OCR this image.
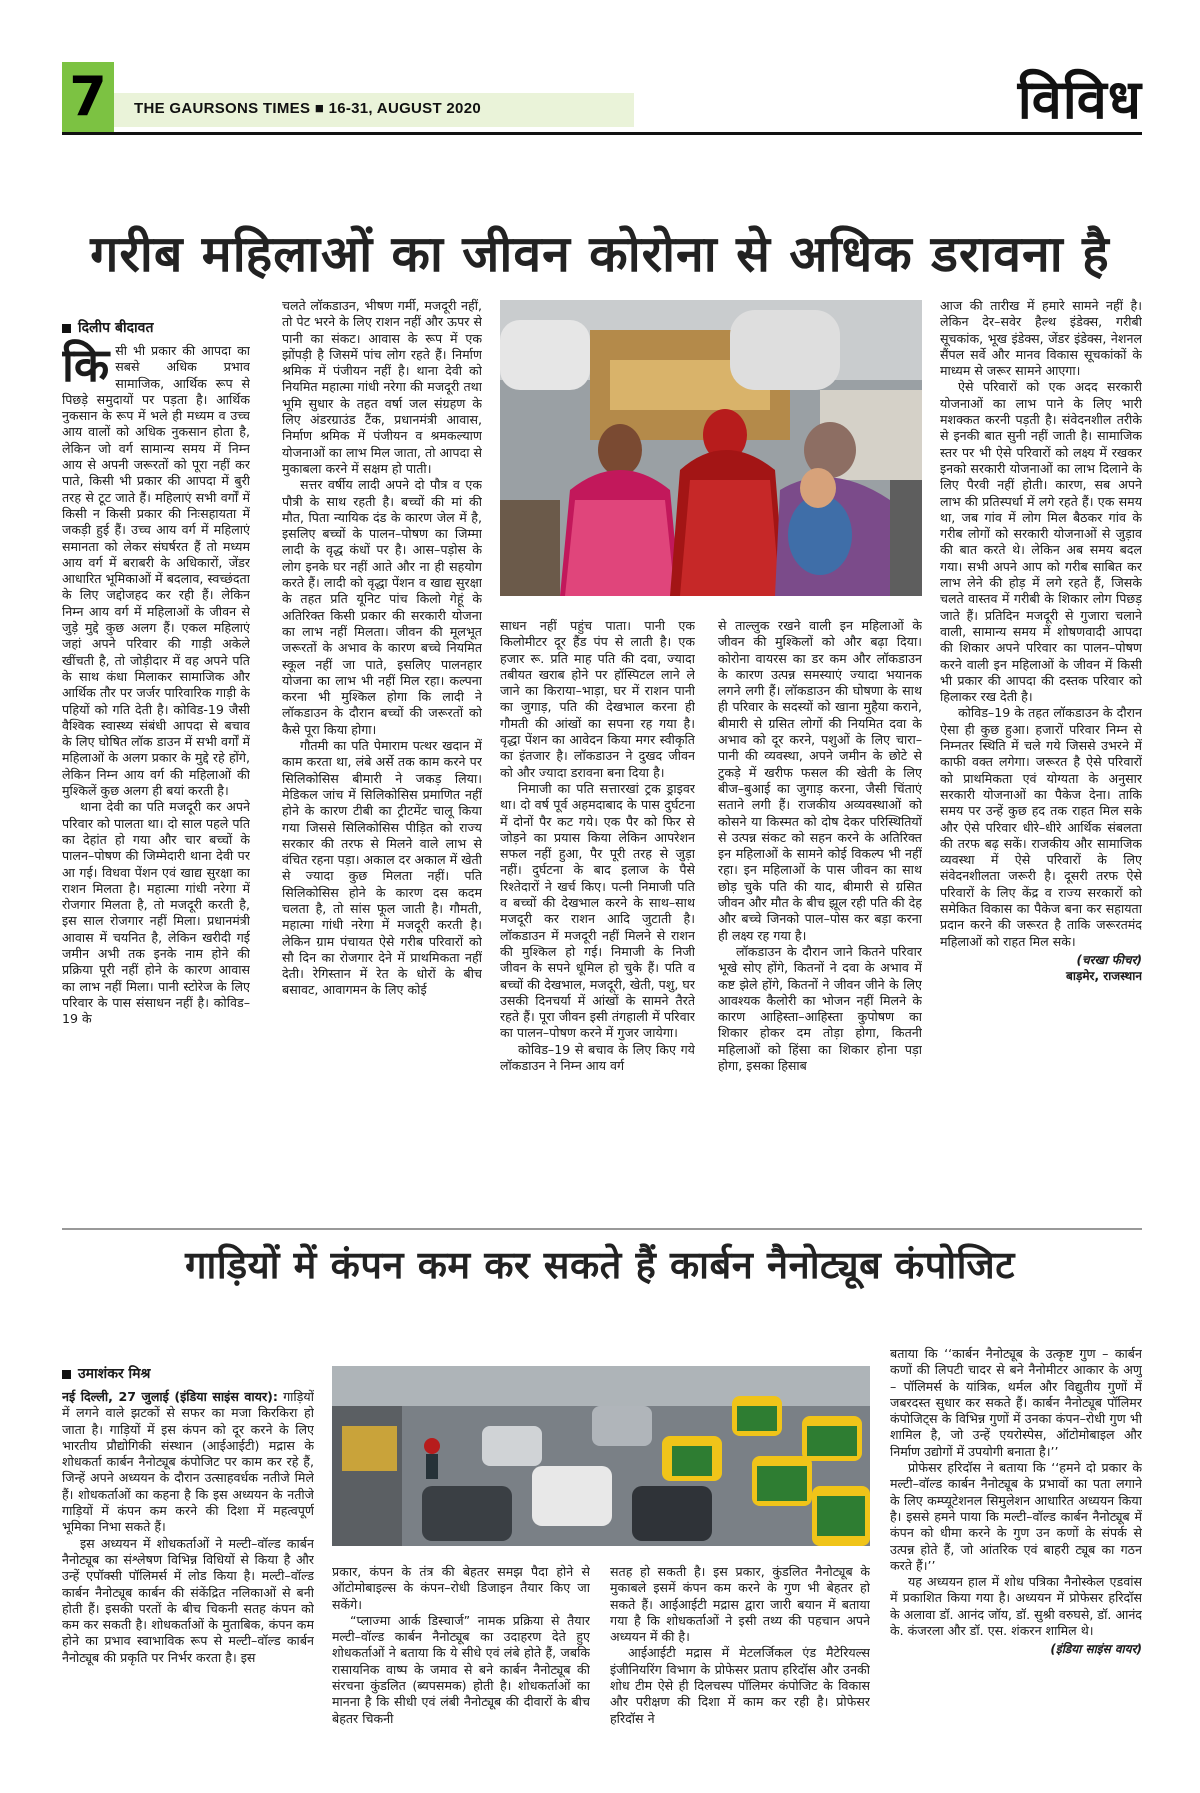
7	THE GAURSONS TIMES ■ 16-31, AUGUST 2020	विविध
गरीब महिलाओं का जीवन कोरोना से अधिक डरावना है
दिलीप बीदावत
कि सी भी प्रकार की आपदा का सबसे अधिक प्रभाव सामाजिक, आर्थिक रूप से पिछड़े समुदायों पर पड़ता है। आर्थिक नुकसान के रूप में भले ही मध्यम व उच्च आय वालों को अधिक नुकसान होता है, लेकिन जो वर्ग सामान्य समय में निम्न आय से अपनी जरूरतों को पूरा नहीं कर पाते, किसी भी प्रकार की आपदा में बुरी तरह से टूट जाते हैं। महिलाएं सभी वर्गों में किसी न किसी प्रकार की निःसहायता में जकड़ी हुई हैं। उच्च आय वर्ग में महिलाएं समानता को लेकर संघर्षरत हैं तो मध्यम आय वर्ग में बराबरी के अधिकारों, जेंडर आधारित भूमिकाओं में बदलाव, स्वच्छंदता के लिए जद्दोजहद कर रही हैं। लेकिन निम्न आय वर्ग में महिलाओं के जीवन से जुड़े मुद्दे कुछ अलग हैं। एकल महिलाएं जहां अपने परिवार की गाड़ी अकेले खींचती है, तो जोड़ीदार में वह अपने पति के साथ कंधा मिलाकर सामाजिक और आर्थिक तौर पर जर्जर पारिवारिक गाड़ी के पहियों को गति देती है। कोविड-19 जैसी वैश्विक स्वास्थ्य संबंधी आपदा से बचाव के लिए घोषित लॉक डाउन में सभी वर्गों में महिलाओं के अलग प्रकार के मुद्दे रहे होंगे, लेकिन निम्न आय वर्ग की महिलाओं की मुश्किलें कुछ अलग ही बयां करती है।

थाना देवी का पति मजदूरी कर अपने परिवार को पालता था। दो साल पहले पति का देहांत हो गया और चार बच्चों के पालन–पोषण की जिम्मेदारी थाना देवी पर आ गई। विधवा पेंशन एवं खाद्य सुरक्षा का राशन मिलता है। महात्मा गांधी नरेगा में रोजगार मिलता है, तो मजदूरी करती है, इस साल रोजगार नहीं मिला। प्रधानमंत्री आवास में चयनित है, लेकिन खरीदी गई जमीन अभी तक इनके नाम होने की प्रक्रिया पूरी नहीं होने के कारण आवास का लाभ नहीं मिला। पानी स्टोरेज के लिए परिवार के पास संसाधन नहीं है। कोविड–19 के

चलते लॉकडाउन, भीषण गर्मी, मजदूरी नहीं, तो पेट भरने के लिए राशन नहीं और ऊपर से पानी का संकट। आवास के रूप में एक झोंपड़ी है जिसमें पांच लोग रहते हैं। निर्माण श्रमिक में पंजीयन नहीं है। थाना देवी को नियमित महात्मा गांधी नरेगा की मजदूरी तथा भूमि सुधार के तहत वर्षा जल संग्रहण के लिए अंडरग्राउंड टैंक, प्रधानमंत्री आवास, निर्माण श्रमिक में पंजीयन व श्रमकल्याण योजनाओं का लाभ मिल जाता, तो आपदा से मुकाबला करने में सक्षम हो पाती।

सत्तर वर्षीय लादी अपने दो पौत्र व एक पौत्री के साथ रहती है। बच्चों की मां की मौत, पिता न्यायिक दंड के कारण जेल में है, इसलिए बच्चों के पालन–पोषण का जिम्मा लादी के वृद्ध कंधों पर है। आस–पड़ोस के लोग इनके घर नहीं आते और ना ही सहयोग करते हैं। लादी को वृद्धा पेंशन व खाद्य सुरक्षा के तहत प्रति यूनिट पांच किलो गेहूं के अतिरिक्त किसी प्रकार की सरकारी योजना का लाभ नहीं मिलता। जीवन की मूलभूत जरूरतों के अभाव के कारण बच्चे नियमित स्कूल नहीं जा पाते, इसलिए पालनहार योजना का लाभ भी नहीं मिल रहा। कल्पना करना भी मुश्किल होगा कि लादी ने लॉकडाउन के दौरान बच्चों की जरूरतों को कैसे पूरा किया होगा।

गौतमी का पति पेमाराम पत्थर खदान में काम करता था, लंबे अर्से तक काम करने पर सिलिकोसिस बीमारी ने जकड़ लिया। मेडिकल जांच में सिलिकोसिस प्रमाणित नहीं होने के कारण टीबी का ट्रीटमेंट चालू किया गया जिससे सिलिकोसिस पीड़ित को राज्य सरकार की तरफ से मिलने वाले लाभ से वंचित रहना पड़ा। अकाल दर अकाल में खेती से ज्यादा कुछ मिलता नहीं। पति सिलिकोसिस होने के कारण दस कदम चलता है, तो सांस फूल जाती है। गौमती, महात्मा गांधी नरेगा में मजदूरी करती है। लेकिन ग्राम पंचायत ऐसे गरीब परिवारों को सौ दिन का रोजगार देने में प्राथमिकता नहीं देती। रेगिस्तान में रेत के धोरों के बीच बसावट, आवागमन के लिए कोई

साधन नहीं पहुंच पाता। पानी एक किलोमीटर दूर हैंड पंप से लाती है। एक हजार रू. प्रति माह पति की दवा, ज्यादा तबीयत खराब होने पर हॉस्पिटल लाने ले जाने का किराया–भाड़ा, घर में राशन पानी का जुगाड़, पति की देखभाल करना ही गौमती की आंखों का सपना रह गया है। वृद्धा पेंशन का आवेदन किया मगर स्वीकृति का इंतजार है। लॉकडाउन ने दुखद जीवन को और ज्यादा डरावना बना दिया है।

निमाजी का पति सत्तारखां ट्रक ड्राइवर था। दो वर्ष पूर्व अहमदाबाद के पास दुर्घटना में दोनों पैर कट गये। एक पैर को फिर से जोड़ने का प्रयास किया लेकिन आपरेशन सफल नहीं हुआ, पैर पूरी तरह से जुड़ा नहीं। दुर्घटना के बाद इलाज के पैसे रिश्तेदारों ने खर्च किए। पत्नी निमाजी पति व बच्चों की देखभाल करने के साथ–साथ मजदूरी कर राशन आदि जुटाती है। लॉकडाउन में मजदूरी नहीं मिलने से राशन की मुश्किल हो गई। निमाजी के निजी जीवन के सपने धूमिल हो चुके हैं। पति व बच्चों की देखभाल, मजदूरी, खेती, पशु, घर उसकी दिनचर्या में आंखों के सामने तैरते रहते हैं। पूरा जीवन इसी तंगहाली में परिवार का पालन–पोषण करने में गुजर जायेगा।

कोविड–19 से बचाव के लिए किए गये लॉकडाउन ने निम्न आय वर्ग

से ताल्लुक रखने वाली इन महिलाओं के जीवन की मुश्किलों को और बढ़ा दिया। कोरोना वायरस का डर कम और लॉकडाउन के कारण उत्पन्न समस्याएं ज्यादा भयानक लगने लगी हैं। लॉकडाउन की घोषणा के साथ ही परिवार के सदस्यों को खाना मुहैया कराने, बीमारी से ग्रसित लोगों की नियमित दवा के अभाव को दूर करने, पशुओं के लिए चारा–पानी की व्यवस्था, अपने जमीन के छोटे से टुकड़े में खरीफ फसल की खेती के लिए बीज–बुआई का जुगाड़ करना, जैसी चिंताएं सताने लगी हैं। राजकीय अव्यवस्थाओं को कोसने या किस्मत को दोष देकर परिस्थितियों से उत्पन्न संकट को सहन करने के अतिरिक्त इन महिलाओं के सामने कोई विकल्प भी नहीं रहा। इन महिलाओं के पास जीवन का साथ छोड़ चुके पति की याद, बीमारी से ग्रसित जीवन और मौत के बीच झूल रही पति की देह और बच्चे जिनको पाल–पोस कर बड़ा करना ही लक्ष्य रह गया है।

लॉकडाउन के दौरान जाने कितने परिवार भूखे सोए होंगे, कितनों ने दवा के अभाव में कष्ट झेले होंगे, कितनों ने जीवन जीने के लिए आवश्यक कैलोरी का भोजन नहीं मिलने के कारण आहिस्ता–आहिस्ता कुपोषण का शिकार होकर दम तोड़ा होगा, कितनी महिलाओं को हिंसा का शिकार होना पड़ा होगा, इसका हिसाब

आज की तारीख में हमारे सामने नहीं है। लेकिन देर–सवेर हैल्थ इंडेक्स, गरीबी सूचकांक, भूख इंडेक्स, जेंडर इंडेक्स, नेशनल सैंपल सर्वे और मानव विकास सूचकांकों के माध्यम से जरूर सामने आएगा।

ऐसे परिवारों को एक अदद सरकारी योजनाओं का लाभ पाने के लिए भारी मशक्कत करनी पड़ती है। संवेदनशील तरीके से इनकी बात सुनी नहीं जाती है। सामाजिक स्तर पर भी ऐसे परिवारों को लक्ष्य में रखकर इनको सरकारी योजनाओं का लाभ दिलाने के लिए पैरवी नहीं होती। कारण, सब अपने लाभ की प्रतिस्पर्धा में लगे रहते हैं। एक समय था, जब गांव में लोग मिल बैठकर गांव के गरीब लोगों को सरकारी योजनाओं से जुड़ाव की बात करते थे। लेकिन अब समय बदल गया। सभी अपने आप को गरीब साबित कर लाभ लेने की होड़ में लगे रहते हैं, जिसके चलते वास्तव में गरीबी के शिकार लोग पिछड़ जाते हैं। प्रतिदिन मजदूरी से गुजारा चलाने वाली, सामान्य समय में शोषणवादी आपदा की शिकार अपने परिवार का पालन–पोषण करने वाली इन महिलाओं के जीवन में किसी भी प्रकार की आपदा की दस्तक परिवार को हिलाकर रख देती है।

कोविड–19 के तहत लॉकडाउन के दौरान ऐसा ही कुछ हुआ। हजारों परिवार निम्न से निम्नतर स्थिति में चले गये जिससे उभरने में काफी वक्त लगेगा। जरूरत है ऐसे परिवारों को प्राथमिकता एवं योग्यता के अनुसार सरकारी योजनाओं का पैकेज देना। ताकि समय पर उन्हें कुछ हद तक राहत मिल सके और ऐसे परिवार धीरे–धीरे आर्थिक संबलता की तरफ बढ़ सकें। राजकीय और सामाजिक व्यवस्था में ऐसे परिवारों के लिए संवेदनशीलता जरूरी है। दूसरी तरफ ऐसे परिवारों के लिए केंद्र व राज्य सरकारों को समेकित विकास का पैकेज बना कर सहायता प्रदान करने की जरूरत है ताकि जरूरतमंद महिलाओं को राहत मिल सके।

(चरखा फीचर)
बाड़मेर, राजस्थान
गाड़ियों में कंपन कम कर सकते हैं कार्बन नैनोट्यूब कंपोजिट
उमाशंकर मिश्र

नई दिल्ली, 27 जुलाई (इंडिया साइंस वायर): गाड़ियों में लगने वाले झटकों से सफर का मजा किरकिरा हो जाता है। गाड़ियों में इस कंपन को दूर करने के लिए भारतीय प्रौद्योगिकी संस्थान (आईआईटी) मद्रास के शोधकर्ता कार्बन नैनोट्यूब कंपोजिट पर काम कर रहे हैं, जिन्हें अपने अध्ययन के दौरान उत्साहवर्धक नतीजे मिले हैं। शोधकर्ताओं का कहना है कि इस अध्ययन के नतीजे गाड़ियों में कंपन कम करने की दिशा में महत्वपूर्ण भूमिका निभा सकते हैं।

इस अध्ययन में शोधकर्ताओं ने मल्टी–वॉल्ड कार्बन नैनोट्यूब का संश्लेषण विभिन्न विधियों से किया है और उन्हें एपॉक्सी पॉलिमर्स में लोड किया है। मल्टी–वॉल्ड कार्बन नैनोट्यूब कार्बन की संकेंद्रित नलिकाओं से बनी होती हैं। इसकी परतों के बीच चिकनी सतह कंपन को कम कर सकती है। शोधकर्ताओं के मुताबिक, कंपन कम होने का प्रभाव स्वाभाविक रूप से मल्टी–वॉल्ड कार्बन नैनोट्यूब की प्रकृति पर निर्भर करता है। इस

प्रकार, कंपन के तंत्र की बेहतर समझ पैदा होने से ऑटोमोबाइल्स के कंपन–रोधी डिजाइन तैयार किए जा सकेंगे।

“प्लाज्मा आर्क डिस्चार्ज” नामक प्रक्रिया से तैयार मल्टी–वॉल्ड कार्बन नैनोट्यूब का उदाहरण देते हुए शोधकर्ताओं ने बताया कि ये सीधे एवं लंबे होते हैं, जबकि रासायनिक वाष्प के जमाव से बने कार्बन नैनोट्यूब की संरचना कुंडलित (ब्यपसमक) होती है। शोधकर्ताओं का मानना है कि सीधी एवं लंबी नैनोट्यूब की दीवारों के बीच बेहतर चिकनी

सतह हो सकती है। इस प्रकार, कुंडलित नैनोट्यूब के मुकाबले इसमें कंपन कम करने के गुण भी बेहतर हो सकते हैं। आईआईटी मद्रास द्वारा जारी बयान में बताया गया है कि शोधकर्ताओं ने इसी तथ्य की पहचान अपने अध्ययन में की है।

आईआईटी मद्रास में मेटलर्जिकल एंड मैटेरियल्स इंजीनियरिंग विभाग के प्रोफेसर प्रताप हरिदॉस और उनकी शोध टीम ऐसे ही दिलचस्प पॉलिमर कंपोजिट के विकास और परीक्षण की दिशा में काम कर रही है। प्रोफेसर हरिदॉस ने

बताया कि ‘‘कार्बन नैनोट्यूब के उत्कृष्ट गुण – कार्बन कणों की लिपटी चादर से बने नैनोमीटर आकार के अणु – पॉलिमर्स के यांत्रिक, थर्मल और विद्युतीय गुणों में जबरदस्त सुधार कर सकते हैं। कार्बन नैनोट्यूब पॉलिमर कंपोजिट्स के विभिन्न गुणों में उनका कंपन–रोधी गुण भी शामिल है, जो उन्हें एयरोस्पेस, ऑटोमोबाइल और निर्माण उद्योगों में उपयोगी बनाता है।’’

प्रोफेसर हरिदॉस ने बताया कि ‘‘हमने दो प्रकार के मल्टी–वॉल्ड कार्बन नैनोट्यूब के प्रभावों का पता लगाने के लिए कम्प्यूटेशनल सिमुलेशन आधारित अध्ययन किया है। इससे हमने पाया कि मल्टी–वॉल्ड कार्बन नैनोट्यूब में कंपन को धीमा करने के गुण उन कणों के संपर्क से उत्पन्न होते हैं, जो आंतरिक एवं बाहरी ट्यूब का गठन करते हैं।’’

यह अध्ययन हाल में शोध पत्रिका नैनोस्केल एडवांस में प्रकाशित किया गया है। अध्ययन में प्रोफेसर हरिदॉस के अलावा डॉ. आनंद जॉय, डॉ. सुश्री वरुघसे, डॉ. आनंद के. कंजरला और डॉ. एस. शंकरन शामिल थे।

(इंडिया साइंस वायर)
